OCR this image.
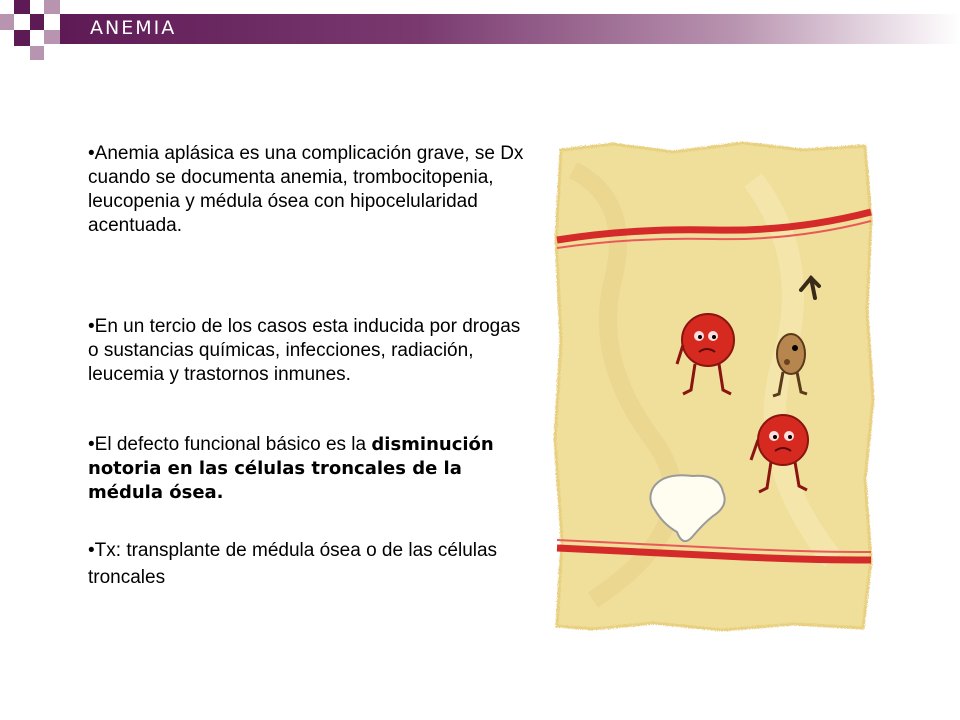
ANEMIA

•Anemia aplásica es una complicación grave, se Dx cuando se documenta anemia, trombocitopenia, leucopenia y médula ósea con hipocelularidad acentuada.

•En un tercio de los casos esta inducida por drogas o sustancias químicas, infecciones, radiación, leucemia y trastornos inmunes.

•El defecto funcional básico es la disminución notoria en las células troncales de la médula ósea.

•Tx: transplante de médula ósea o de las células troncales
